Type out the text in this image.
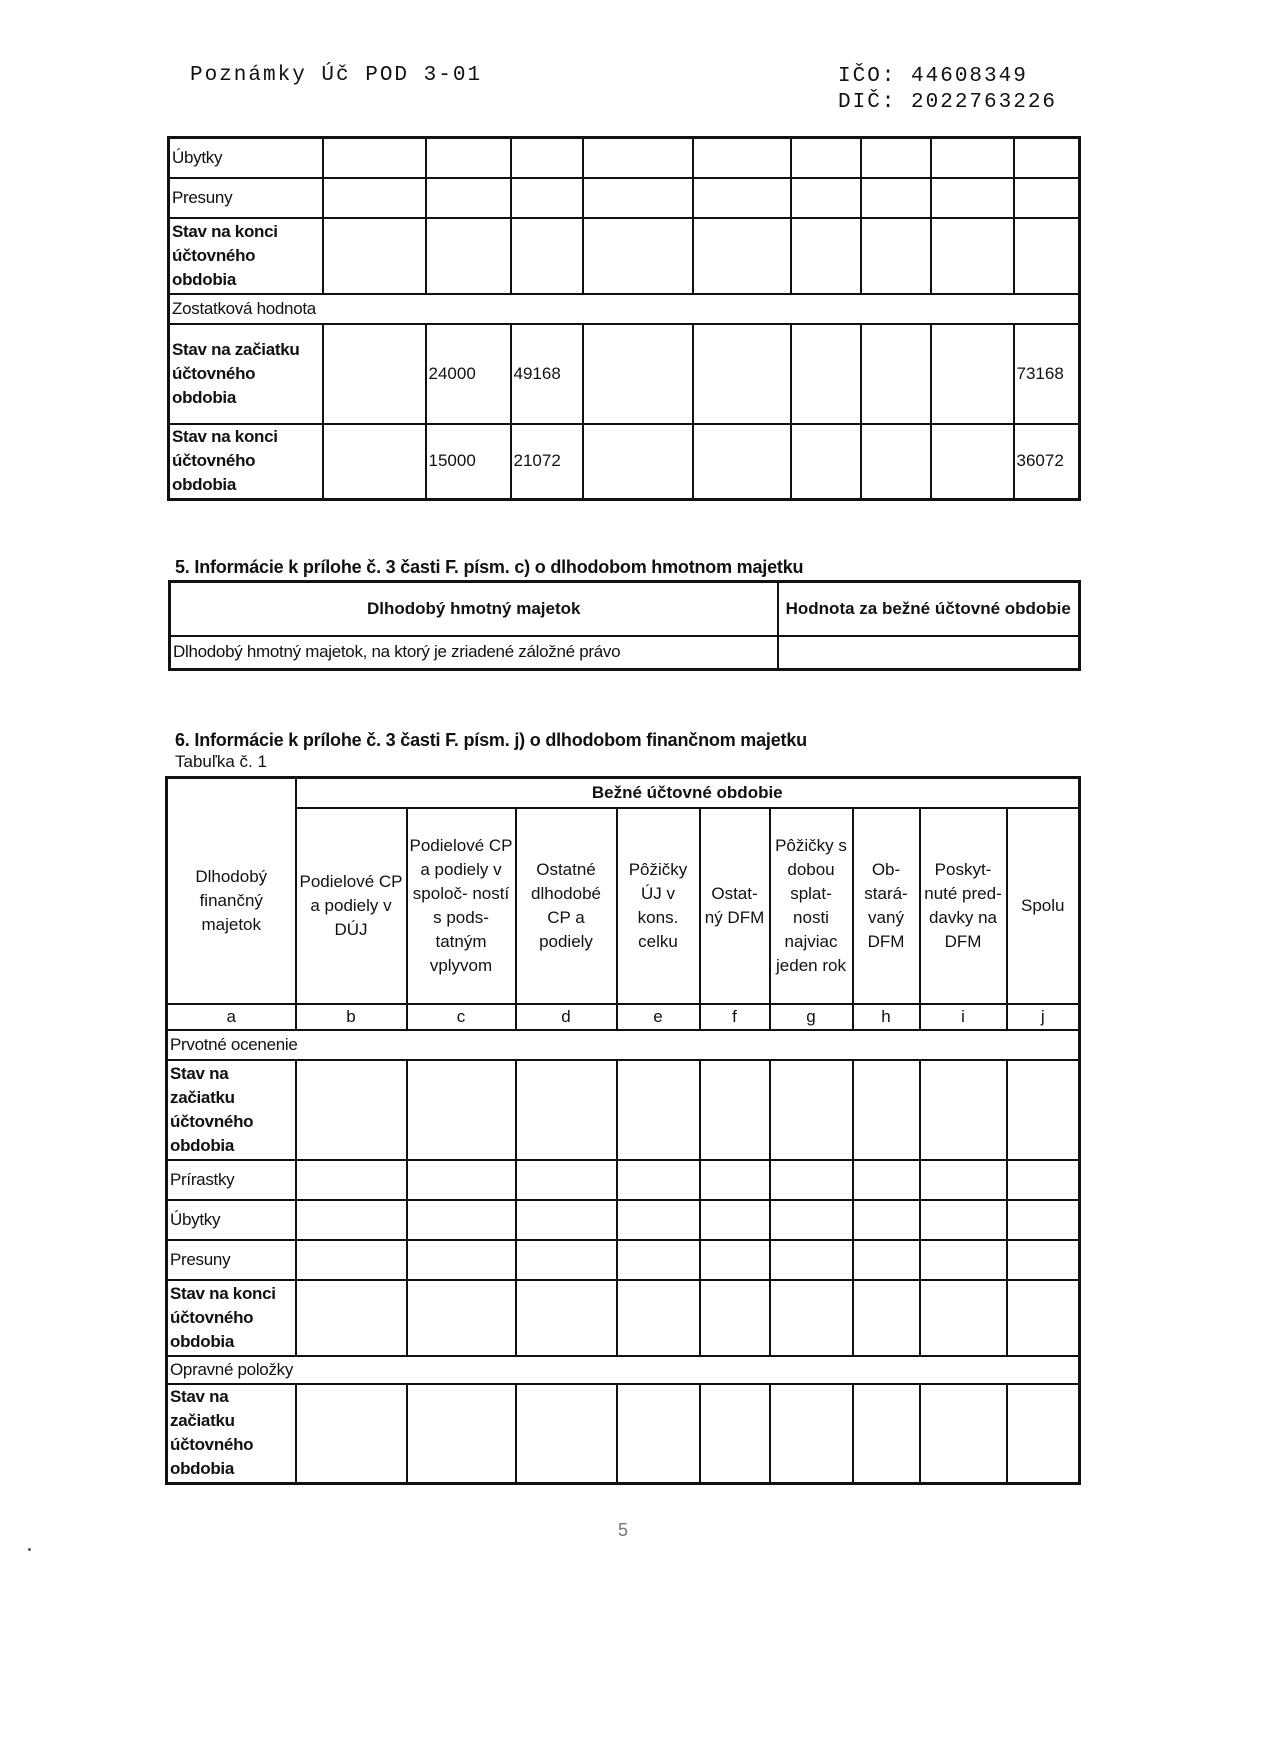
Poznámky Úč POD 3-01	IČO: 44608349
DIČ: 2022763226
Úbytky									
Presuny									
Stav na konci účtovného obdobia									
Zostatková hodnota									
Stav na začiatku účtovného obdobia		24000	49168						73168
Stav na konci účtovného obdobia		15000	21072						36072
5. Informácie k prílohe č. 3 časti F. písm. c) o dlhodobom hmotnom majetku
Dlhodobý hmotný majetok	Hodnota za bežné účtovné obdobie
Dlhodobý hmotný majetok, na ktorý je zriadené záložné právo	
6. Informácie k prílohe č. 3 časti F. písm. j) o dlhodobom finančnom majetku
Tabuľka č. 1
Dlhodobý finančný majetok	Bežné účtovné obdobie								
	Podielové CP a podiely v DÚJ	Podielové CP a podiely v spoloč- ností s pods- tatným vplyvom	Ostatné dlhodobé CP a podiely	Pôžičky ÚJ v kons. celku	Ostat- ný DFM	Pôžičky s dobou splat- nosti najviac jeden rok	Ob- stará- vaný DFM	Poskyt- nuté pred- davky na DFM	Spolu
a	b	c	d	e	f	g	h	i	j
Prvotné ocenenie									
Stav na začiatku účtovného obdobia									
Prírastky									
Úbytky									
Presuny									
Stav na konci účtovného obdobia									
Opravné položky									
Stav na začiatku účtovného obdobia									
5
